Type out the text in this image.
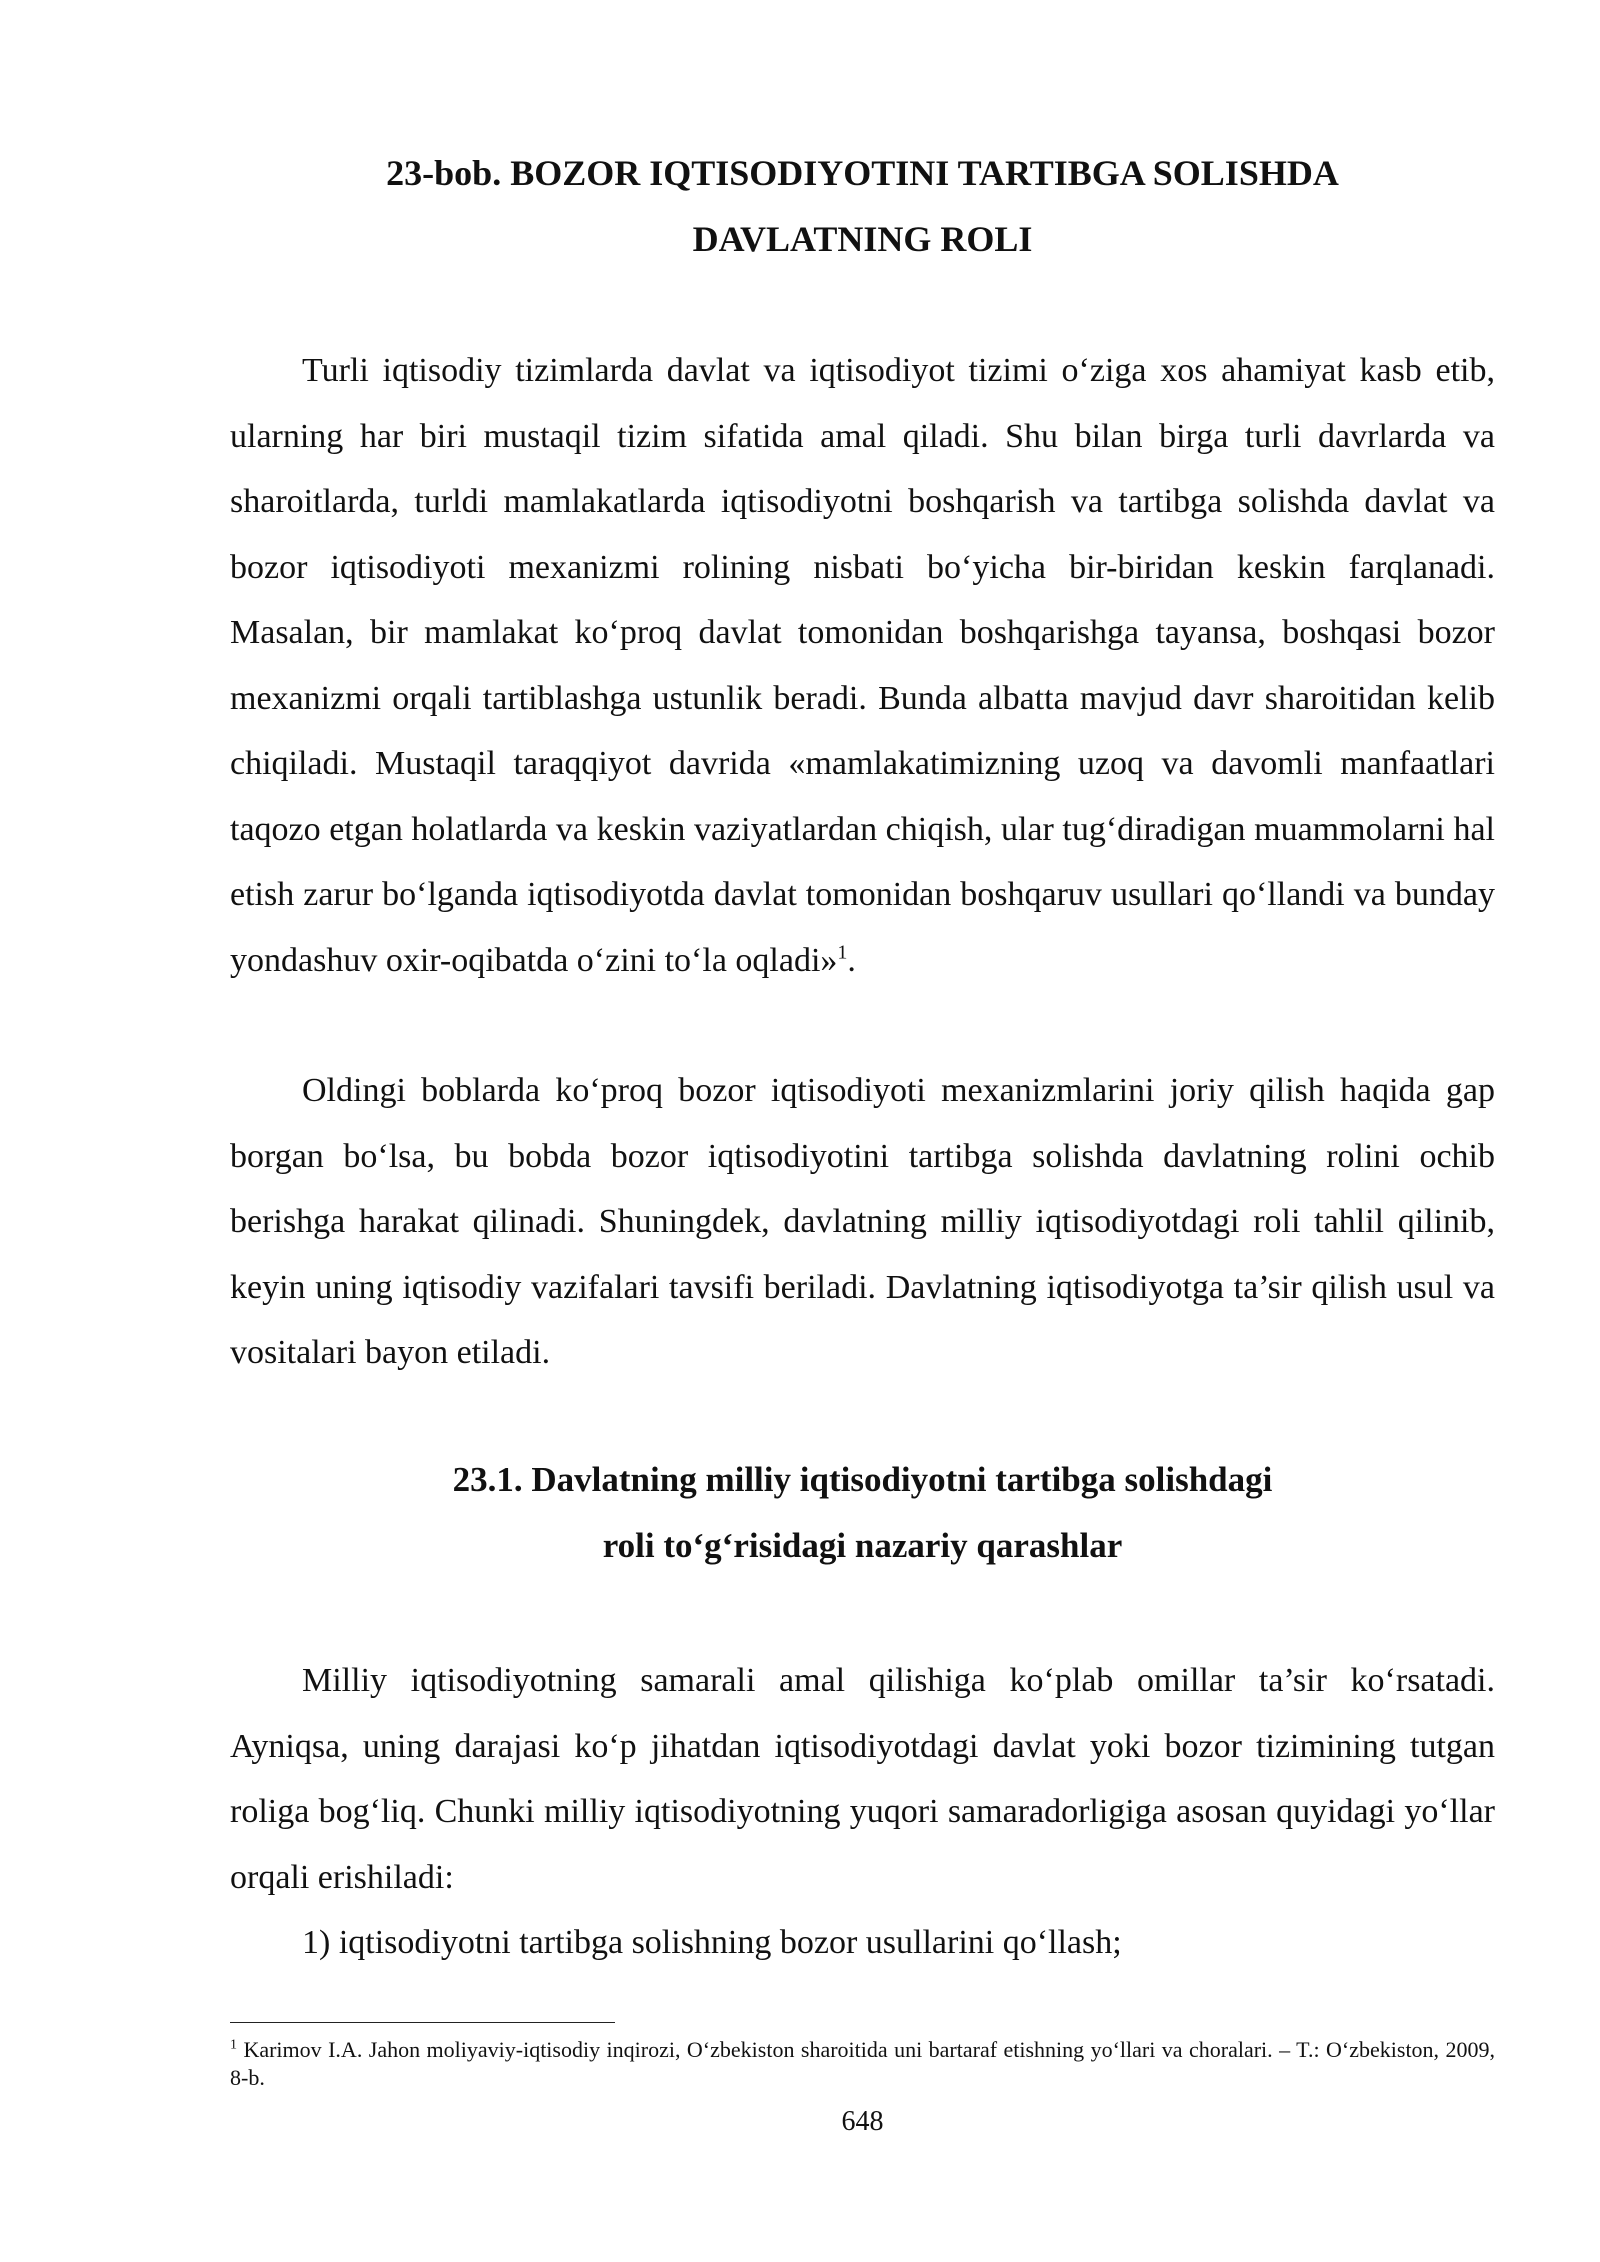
23-bob. BOZOR IQTISODIYOTINI TARTIBGA SOLISHDA
DAVLATNING ROLI

Turli iqtisodiy tizimlarda davlat va iqtisodiyot tizimi o‘ziga xos ahamiyat kasb etib, ularning har biri mustaqil tizim sifatida amal qiladi. Shu bilan birga turli davrlarda va sharoitlarda, turldi mamlakatlarda iqtisodiyotni boshqarish va tartibga solishda davlat va bozor iqtisodiyoti mexanizmi rolining nisbati bo‘yicha bir-biridan keskin farqlanadi. Masalan, bir mamlakat ko‘proq davlat tomonidan boshqarishga tayansa, boshqasi bozor mexanizmi orqali tartiblashga ustunlik beradi. Bunda albatta mavjud davr sharoitidan kelib chiqiladi. Mustaqil taraqqiyot davrida «mamlakatimizning uzoq va davomli manfaatlari taqozo etgan holatlarda va keskin vaziyatlardan chiqish, ular tug‘diradigan muammolarni hal etish zarur bo‘lganda iqtisodiyotda davlat tomonidan boshqaruv usullari qo‘llandi va bunday yondashuv oxir-oqibatda o‘zini to‘la oqladi»$^1$.

Oldingi boblarda ko‘proq bozor iqtisodiyoti mexanizmlarini joriy qilish haqida gap borgan bo‘lsa, bu bobda bozor iqtisodiyotini tartibga solishda davlatning rolini ochib berishga harakat qilinadi. Shuningdek, davlatning milliy iqtisodiyotdagi roli tahlil qilinib, keyin uning iqtisodiy vazifalari tavsifi beriladi. Davlatning iqtisodiyotga ta’sir qilish usul va vositalari bayon etiladi.

23.1. Davlatning milliy iqtisodiyotni tartibga solishdagi
roli to‘g‘risidagi nazariy qarashlar

Milliy iqtisodiyotning samarali amal qilishiga ko‘plab omillar ta’sir ko‘rsatadi. Ayniqsa, uning darajasi ko‘p jihatdan iqtisodiyotdagi davlat yoki bozor tizimining tutgan roliga bog‘liq. Chunki milliy iqtisodiyotning yuqori samaradorligiga asosan quyidagi yo‘llar orqali erishiladi:

1) iqtisodiyotni tartibga solishning bozor usullarini qo‘llash;
$^1$ Karimov I.A. Jahon moliyaviy-iqtisodiy inqirozi, O‘zbekiston sharoitida uni bartaraf etishning yo‘llari va choralari. – T.: O‘zbekiston, 2009, 8-b.
648
